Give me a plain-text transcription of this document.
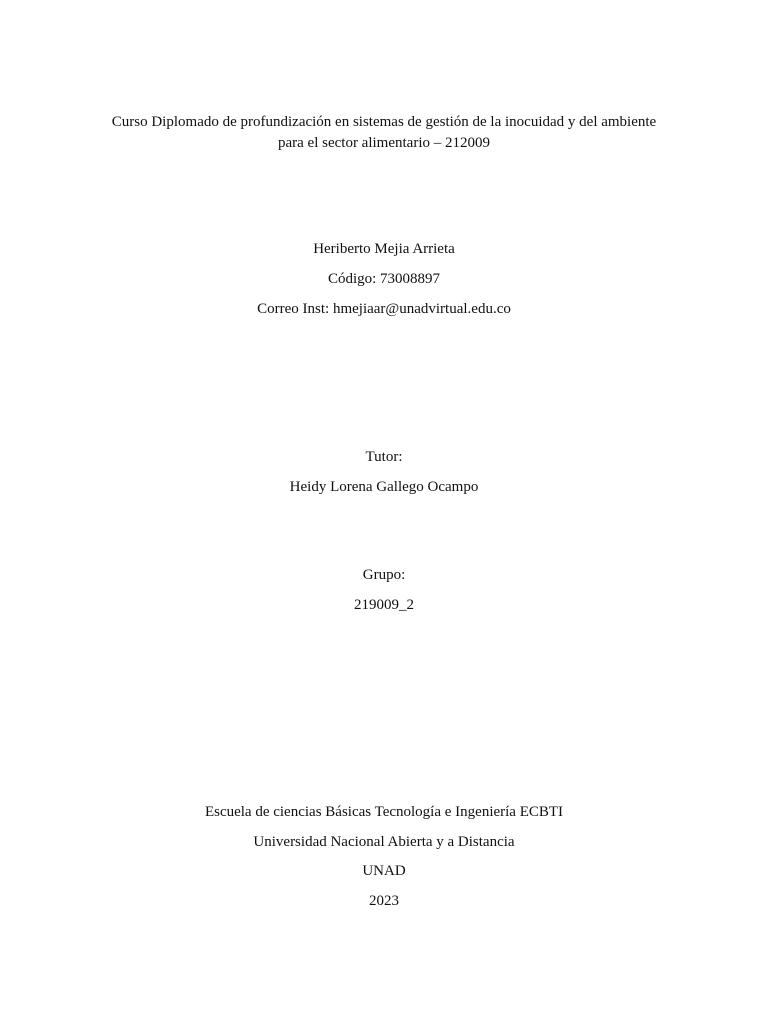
Curso Diplomado de profundización en sistemas de gestión de la inocuidad y del ambiente
para el sector alimentario – 212009
Heriberto Mejia Arrieta
Código: 73008897
Correo Inst: hmejiaar@unadvirtual.edu.co
Tutor:
Heidy Lorena Gallego Ocampo
Grupo:
219009_2
Escuela de ciencias Básicas Tecnología e Ingeniería ECBTI
Universidad Nacional Abierta y a Distancia
UNAD
2023
